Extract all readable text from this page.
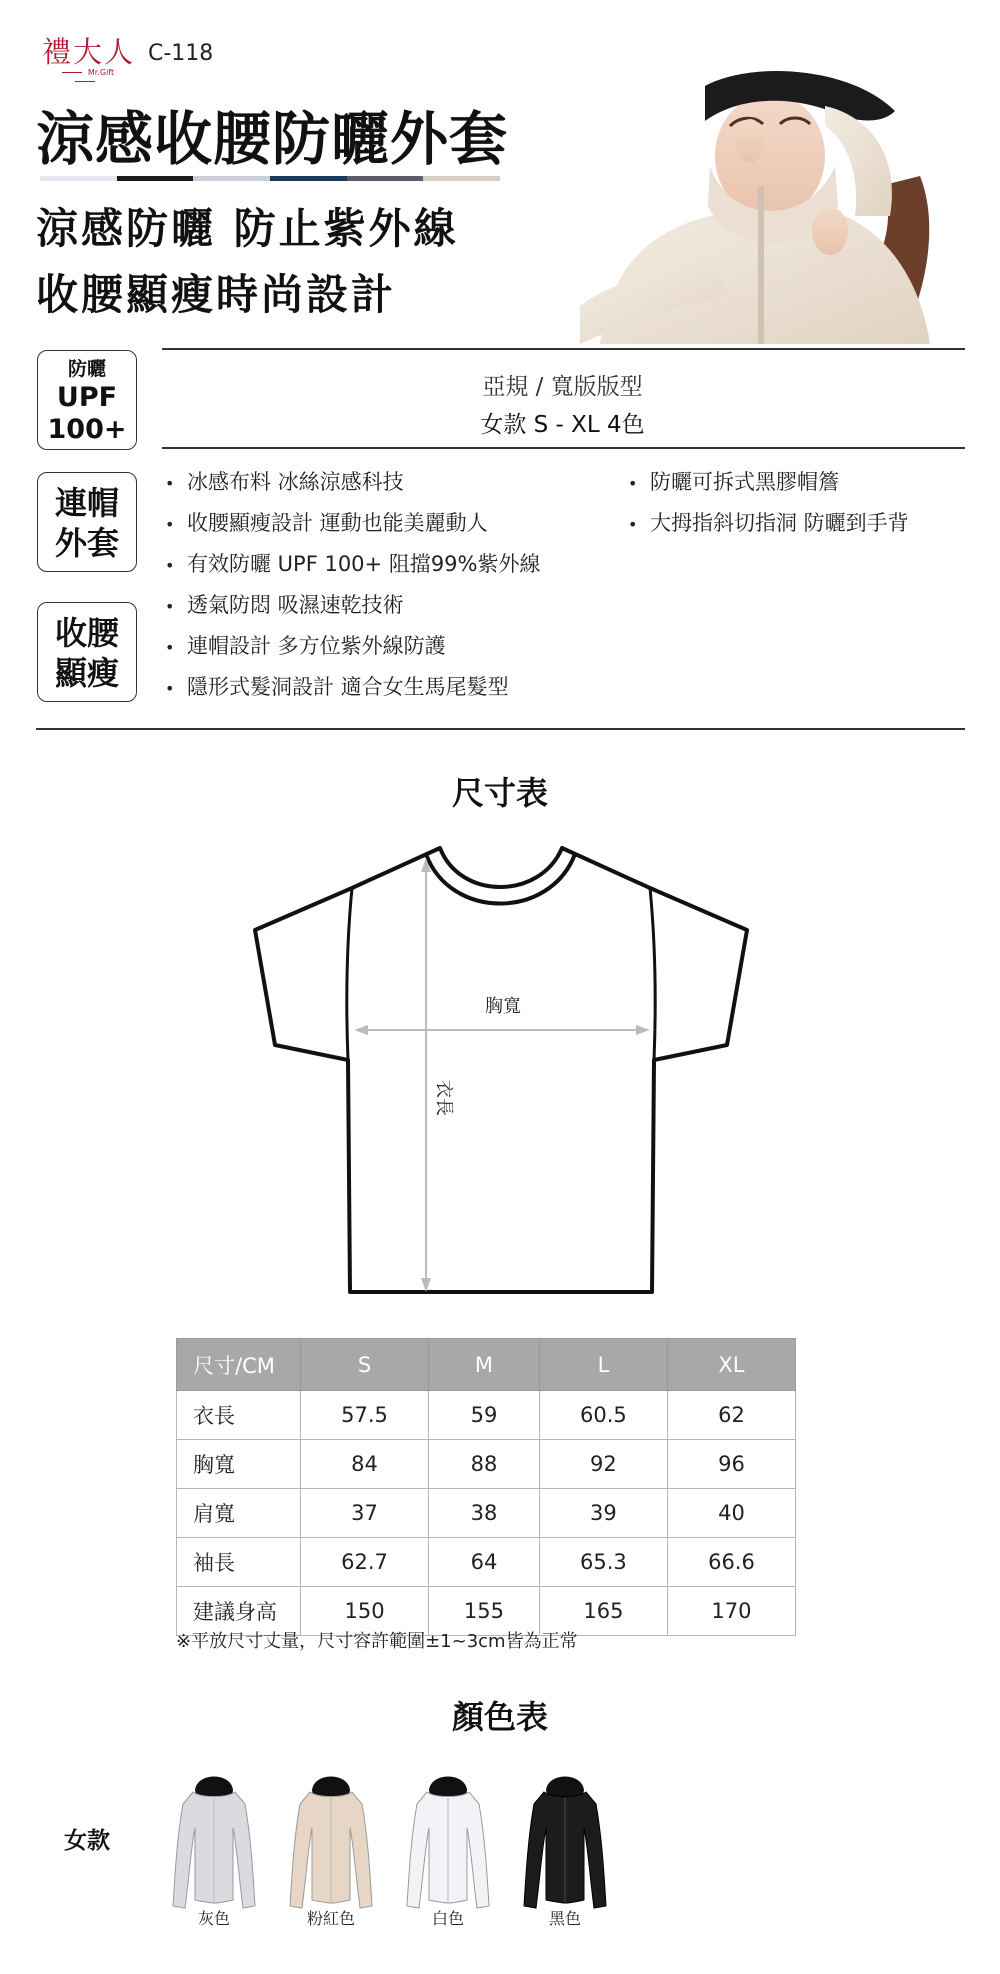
禮大人
Mr.Gift
C-118
涼感收腰防曬外套
涼感防曬 防止紫外線
收腰顯瘦時尚設計
防曬
UPF
100+
連帽
外套
收腰
顯瘦
亞規 / 寬版版型
女款 S - XL 4色
• 冰感布料 冰絲涼感科技
• 收腰顯瘦設計 運動也能美麗動人
• 有效防曬 UPF 100+ 阻擋99%紫外線
• 透氣防悶 吸濕速乾技術
• 連帽設計 多方位紫外線防護
• 隱形式髮洞設計 適合女生馬尾髮型
• 防曬可拆式黑膠帽簷
• 大拇指斜切指洞 防曬到手背
尺寸表
胸寬
衣長
尺寸/CM	S	M	L	XL
衣長	57.5	59	60.5	62
胸寬	84	88	92	96
肩寬	37	38	39	40
袖長	62.7	64	65.3	66.6
建議身高	150	155	165	170
※平放尺寸丈量，尺寸容許範圍±1~3cm皆為正常
顏色表
女款
灰色	粉紅色	白色	黑色
